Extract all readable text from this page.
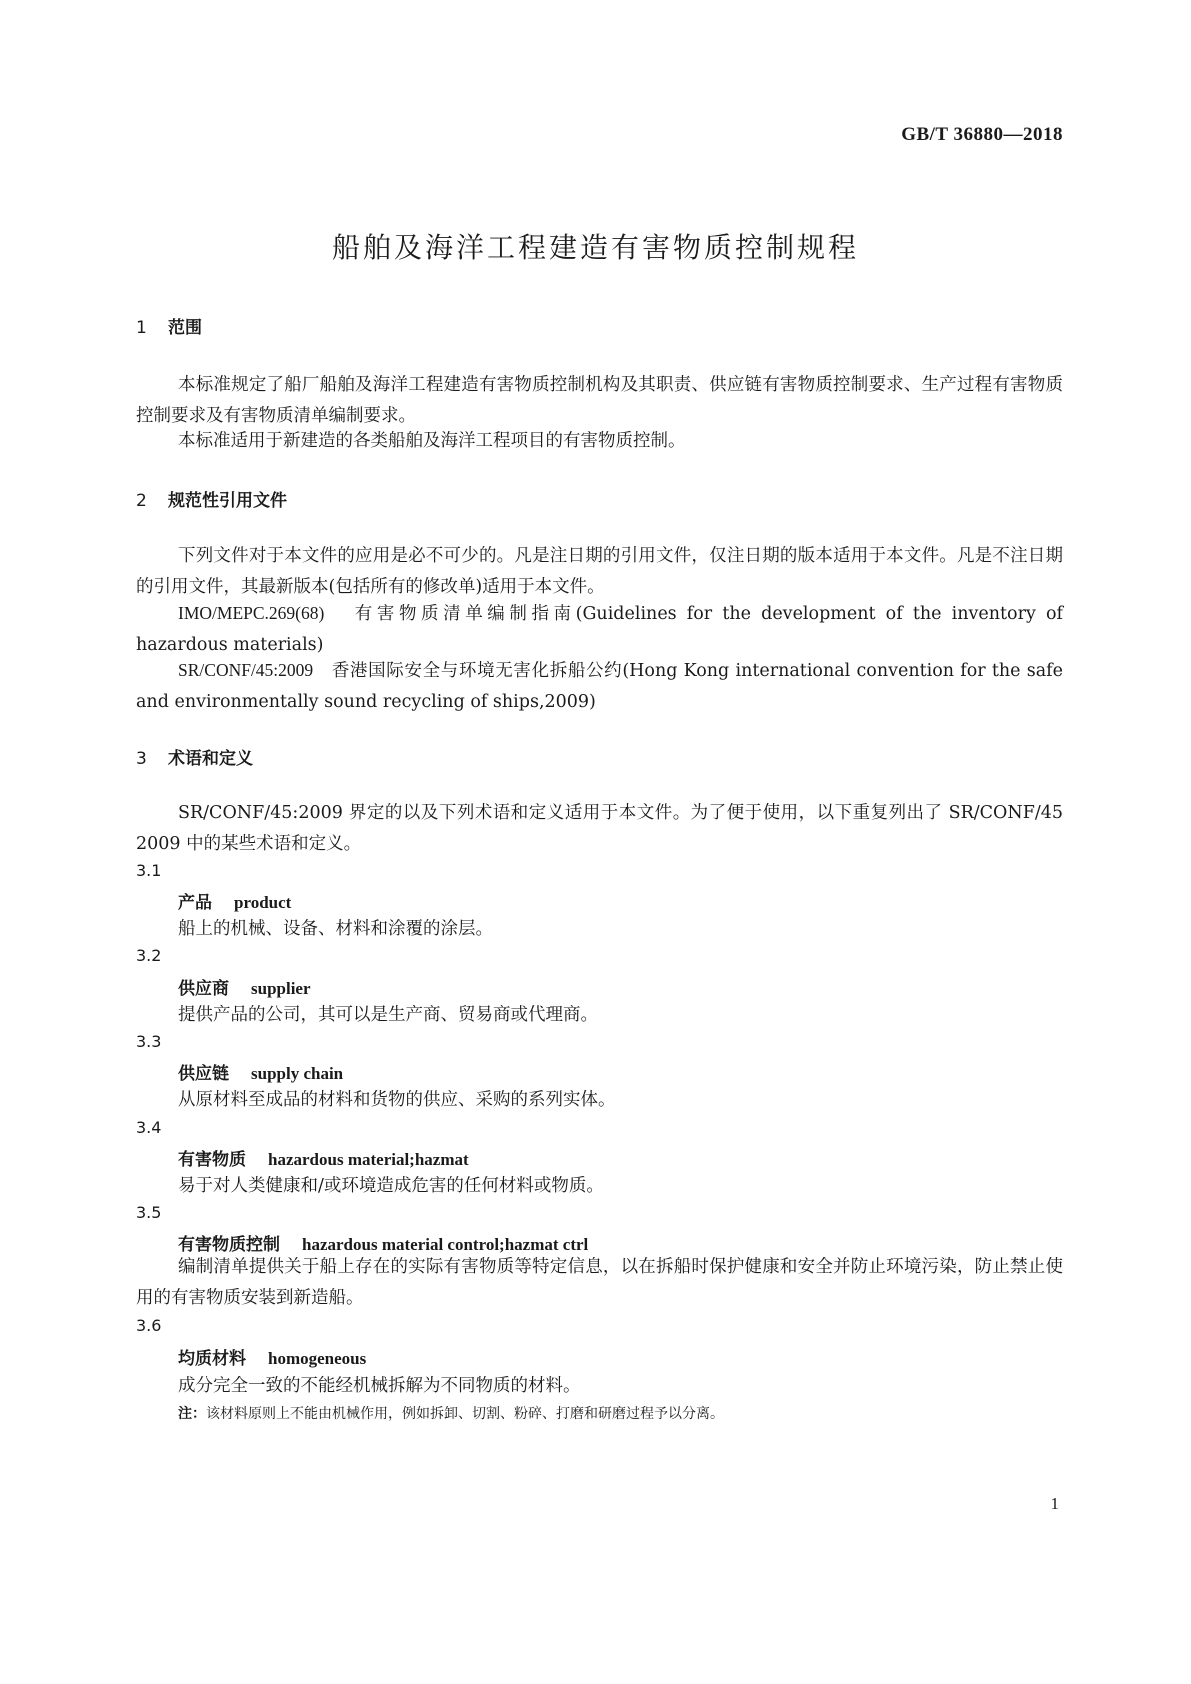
GB/T 36880—2018
船舶及海洋工程建造有害物质控制规程
1 范围
本标准规定了船厂船舶及海洋工程建造有害物质控制机构及其职责、供应链有害物质控制要求、生产过程有害物质控制要求及有害物质清单编制要求。
本标准适用于新建造的各类船舶及海洋工程项目的有害物质控制。
2 规范性引用文件
下列文件对于本文件的应用是必不可少的。凡是注日期的引用文件，仅注日期的版本适用于本文件。凡是不注日期的引用文件，其最新版本(包括所有的修改单)适用于本文件。
IMO/MEPC.269(68) 有害物质清单编制指南(Guidelines for the development of the inventory of hazardous materials)
SR/CONF/45:2009 香港国际安全与环境无害化拆船公约(Hong Kong international convention for the safe and environmentally sound recycling of ships,2009)
3 术语和定义
SR/CONF/45:2009 界定的以及下列术语和定义适用于本文件。为了便于使用，以下重复列出了 SR/CONF/45 2009 中的某些术语和定义。
3.1
产品 product
船上的机械、设备、材料和涂覆的涂层。
3.2
供应商 supplier
提供产品的公司，其可以是生产商、贸易商或代理商。
3.3
供应链 supply chain
从原材料至成品的材料和货物的供应、采购的系列实体。
3.4
有害物质 hazardous material;hazmat
易于对人类健康和/或环境造成危害的任何材料或物质。
3.5
有害物质控制 hazardous material control;hazmat ctrl
编制清单提供关于船上存在的实际有害物质等特定信息，以在拆船时保护健康和安全并防止环境污染，防止禁止使用的有害物质安装到新造船。
3.6
均质材料 homogeneous
成分完全一致的不能经机械拆解为不同物质的材料。
注：该材料原则上不能由机械作用，例如拆卸、切割、粉碎、打磨和研磨过程予以分离。
1
